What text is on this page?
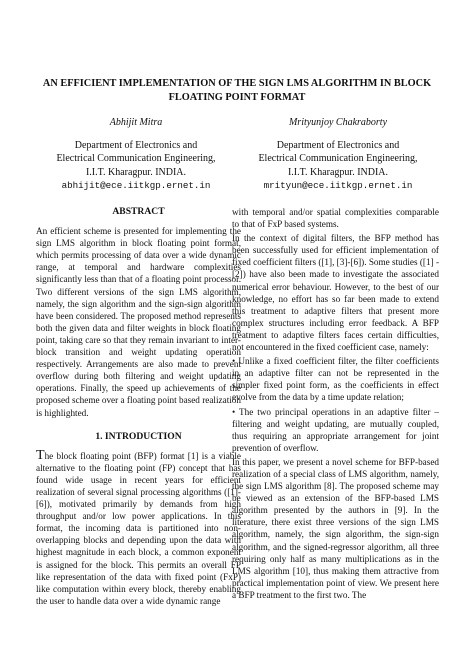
AN EFFICIENT IMPLEMENTATION OF THE SIGN LMS ALGORITHM IN BLOCK
FLOATING POINT FORMAT
Abhijit Mitra
Department of Electronics and
Electrical Communication Engineering,
I.I.T. Kharagpur. INDIA.
abhijit@ece.iitkgp.ernet.in
Mrityunjoy Chakraborty
Department of Electronics and
Electrical Communication Engineering,
I.I.T. Kharagpur. INDIA.
mrityun@ece.iitkgp.ernet.in
ABSTRACT

An efficient scheme is presented for implementing the sign LMS algorithm in block floating point format, which permits processing of data over a wide dynamic range, at temporal and hardware complexities significantly less than that of a floating point processor. Two different versions of the sign LMS algorithm, namely, the sign algorithm and the sign-sign algorithm have been considered. The proposed method represents both the given data and filter weights in block floating point, taking care so that they remain invariant to inter-block transition and weight updating operation respectively. Arrangements are also made to prevent overflow during both filtering and weight updating operations. Finally, the speed up achievements of the proposed scheme over a floating point based realization is highlighted.

1. INTRODUCTION

The block floating point (BFP) format [1] is a viable alternative to the floating point (FP) concept that has found wide usage in recent years for efficient realization of several signal processing algorithms ([1]-[6]), motivated primarily by demands from high throughput and/or low power applications. In this format, the incoming data is partitioned into non-overlapping blocks and depending upon the data with highest magnitude in each block, a common exponent is assigned for the block. This permits an overall FP like representation of the data with fixed point (FxP) like computation within every block, thereby enabling the user to handle data over a wide dynamic range

with temporal and/or spatial complexities comparable to that of FxP based systems.

In the context of digital filters, the BFP method has been successfully used for efficient implementation of fixed coefficient filters ([1], [3]-[6]). Some studies ([1] -[2]) have also been made to investigate the associated numerical error behaviour. However, to the best of our knowledge, no effort has so far been made to extend this treatment to adaptive filters that present more complex structures including error feedback. A BFP treatment to adaptive filters faces certain difficulties, not encountered in the fixed coefficient case, namely:

• Unlike a fixed coefficient filter, the filter coefficients in an adaptive filter can not be represented in the simpler fixed point form, as the coefficients in effect evolve from the data by a time update relation;

• The two principal operations in an adaptive filter – filtering and weight updating, are mutually coupled, thus requiring an appropriate arrangement for joint prevention of overflow.

In this paper, we present a novel scheme for BFP-based realization of a special class of LMS algorithm, namely, the sign LMS algorithm [8]. The proposed scheme may be viewed as an extension of the BFP-based LMS algorithm presented by the authors in [9]. In the literature, there exist three versions of the sign LMS algorithm, namely, the sign algorithm, the sign-sign algorithm, and the signed-regressor algorithm, all three requiring only half as many multiplications as in the LMS algorithm [10], thus making them attractive from practical implementation point of view. We present here a BFP treatment to the first two. The
